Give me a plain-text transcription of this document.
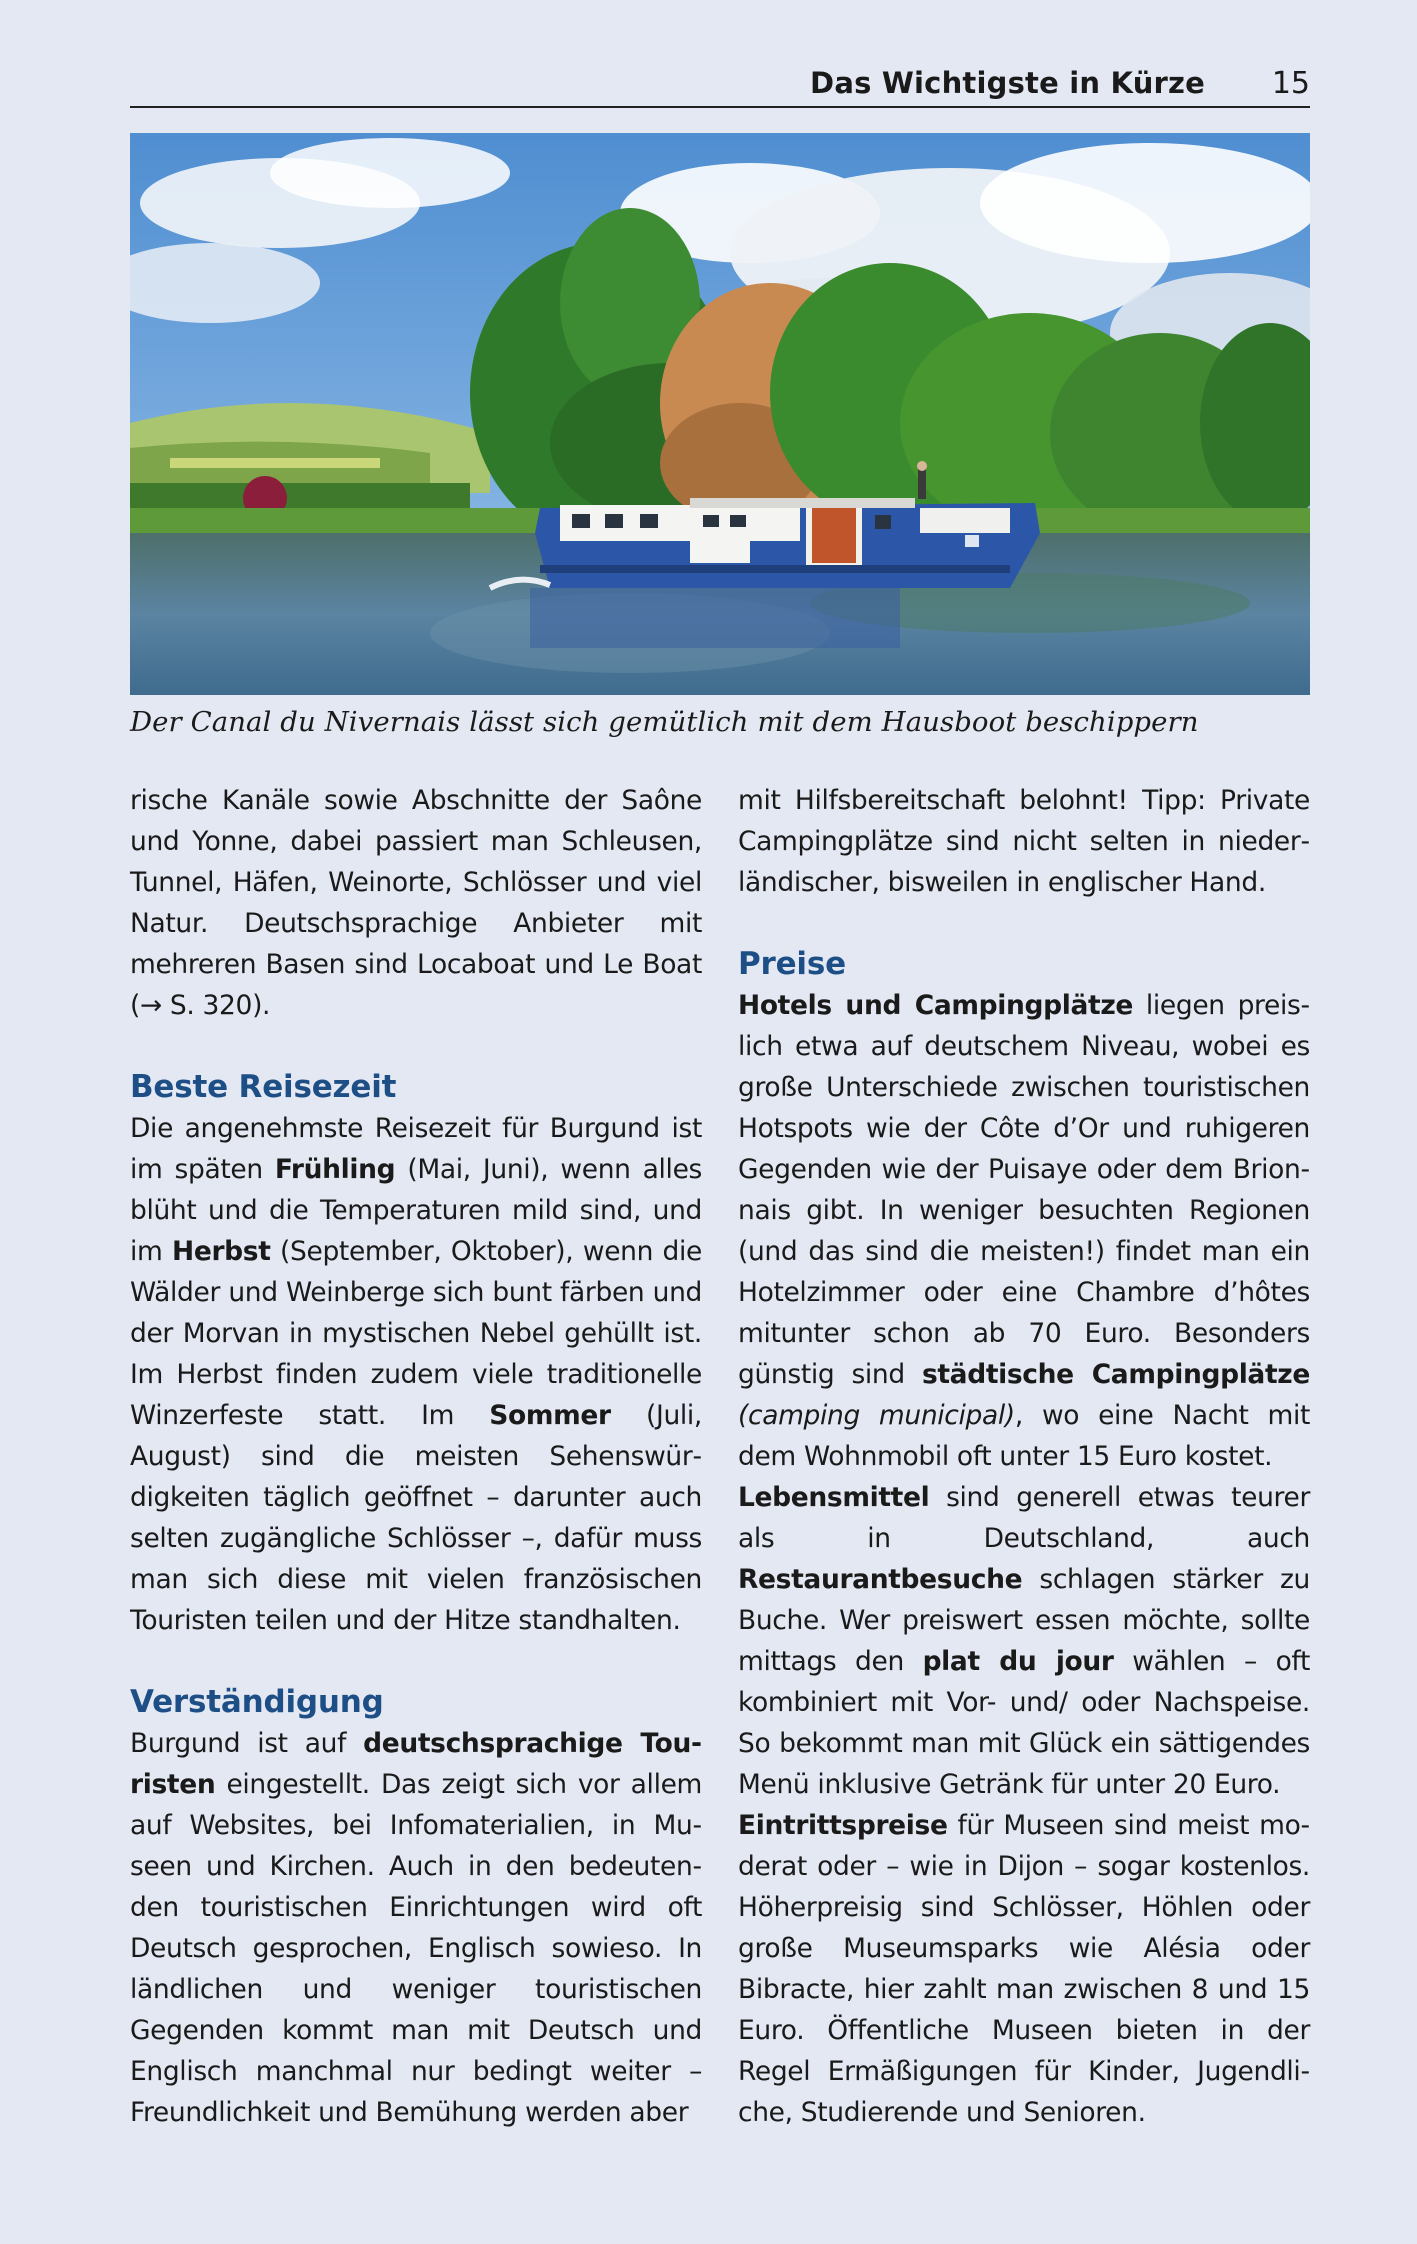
Das Wichtigste in Kürze 15
Der Canal du Nivernais lässt sich gemütlich mit dem Hausboot beschippern

rische Kanäle sowie Abschnitte der Saône und Yonne, dabei passiert man Schleusen, Tunnel, Häfen, Weinorte, Schlösser und viel Natur. Deutschsprachige Anbieter mit mehreren Basen sind Locaboat und Le Boat (→ S. 320).

Beste Reisezeit

Die angenehmste Reisezeit für Burgund ist im späten Frühling (Mai, Juni), wenn alles blüht und die Temperaturen mild sind, und im Herbst (September, Oktober), wenn die Wälder und Weinberge sich bunt färben und der Morvan in mystischen Nebel gehüllt ist. Im Herbst finden zudem viele traditionelle Winzerfeste statt. Im Sommer (Juli, August) sind die meisten Sehenswürdigkeiten täglich geöffnet – darunter auch selten zugängliche Schlösser –, dafür muss man sich diese mit vielen französischen Touristen teilen und der Hitze standhalten.

Verständigung

Burgund ist auf deutschsprachige Touristen eingestellt. Das zeigt sich vor allem auf Websites, bei Infomaterialien, in Museen und Kirchen. Auch in den bedeutenden touristischen Einrichtungen wird oft Deutsch gesprochen, Englisch sowieso. In ländlichen und weniger touristischen Gegenden kommt man mit Deutsch und Englisch manchmal nur bedingt weiter – Freundlichkeit und Bemühung werden aber

mit Hilfsbereitschaft belohnt! Tipp: Private Campingplätze sind nicht selten in niederländischer, bisweilen in englischer Hand.

Preise

Hotels und Campingplätze liegen preislich etwa auf deutschem Niveau, wobei es große Unterschiede zwischen touristischen Hotspots wie der Côte d’Or und ruhigeren Gegenden wie der Puisaye oder dem Brionnais gibt. In weniger besuchten Regionen (und das sind die meisten!) findet man ein Hotelzimmer oder eine Chambre d’hôtes mitunter schon ab 70 Euro. Besonders günstig sind städtische Campingplätze (camping municipal), wo eine Nacht mit dem Wohnmobil oft unter 15 Euro kostet.

Lebensmittel sind generell etwas teurer als in Deutschland, auch Restaurantbesuche schlagen stärker zu Buche. Wer preiswert essen möchte, sollte mittags den plat du jour wählen – oft kombiniert mit Vor- und/ oder Nachspeise. So bekommt man mit Glück ein sättigendes Menü inklusive Getränk für unter 20 Euro.

Eintrittspreise für Museen sind meist moderat oder – wie in Dijon – sogar kostenlos. Höherpreisig sind Schlösser, Höhlen oder große Museumsparks wie Alésia oder Bibracte, hier zahlt man zwischen 8 und 15 Euro. Öffentliche Museen bieten in der Regel Ermäßigungen für Kinder, Jugendliche, Studierende und Senioren.
